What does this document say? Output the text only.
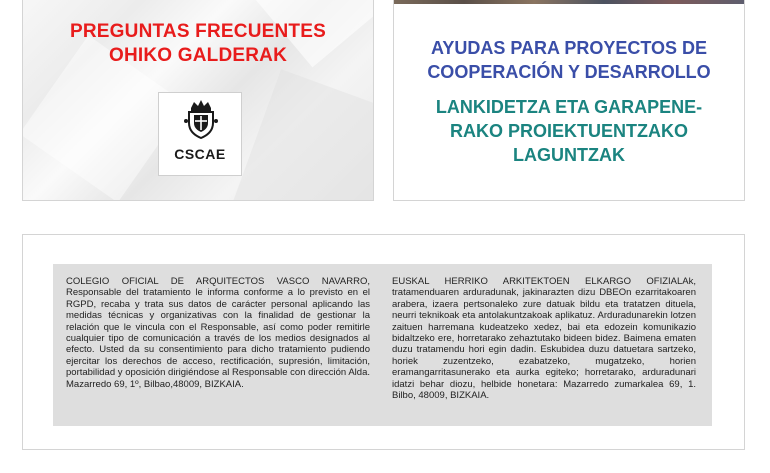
PREGUNTAS FRECUENTES
OHIKO GALDERAK
CSCAE
AYUDAS PARA PROYECTOS DE
COOPERACIÓN Y DESARROLLO
LANKIDETZA ETA GARAPENE-
RAKO PROIEKTUENTZAKO
LAGUNTZAK

COLEGIO OFICIAL DE ARQUITECTOS VASCO NAVARRO, Responsable del tratamiento le informa conforme a lo previsto en el RGPD, recaba y trata sus datos de carácter personal aplicando las medidas técnicas y organizativas con la finalidad de gestionar la relación que le vincula con el Responsable, así como poder remitirle cualquier tipo de comunicación a través de los medios designados al efecto. Usted da su consentimiento para dicho tratamiento pudiendo ejercitar los derechos de acceso, rectificación, supresión, limitación, portabilidad y oposición dirigiéndose al Responsable con dirección Alda. Mazarredo 69, 1º, Bilbao,48009, BIZKAIA.

EUSKAL HERRIKO ARKITEKTOEN ELKARGO OFIZIALAk, tratamenduaren arduradunak, jakinarazten dizu DBEOn ezarritakoaren arabera, izaera pertsonaleko zure datuak bildu eta tratatzen dituela, neurri teknikoak eta antolakuntzakoak aplikatuz. Arduradunarekin lotzen zaituen harremana kudeatzeko xedez, bai eta edozein komunikazio bidaltzeko ere, horretarako zehaztutako bideen bidez. Baimena ematen duzu tratamendu hori egin dadin. Eskubidea duzu datuetara sartzeko, horiek zuzentzeko, ezabatzeko, mugatzeko, horien eramangarritasunerako eta aurka egiteko; horretarako, arduradunari idatzi behar diozu, helbide honetara: Mazarredo zumarkalea 69, 1. Bilbo, 48009, BIZKAIA.
